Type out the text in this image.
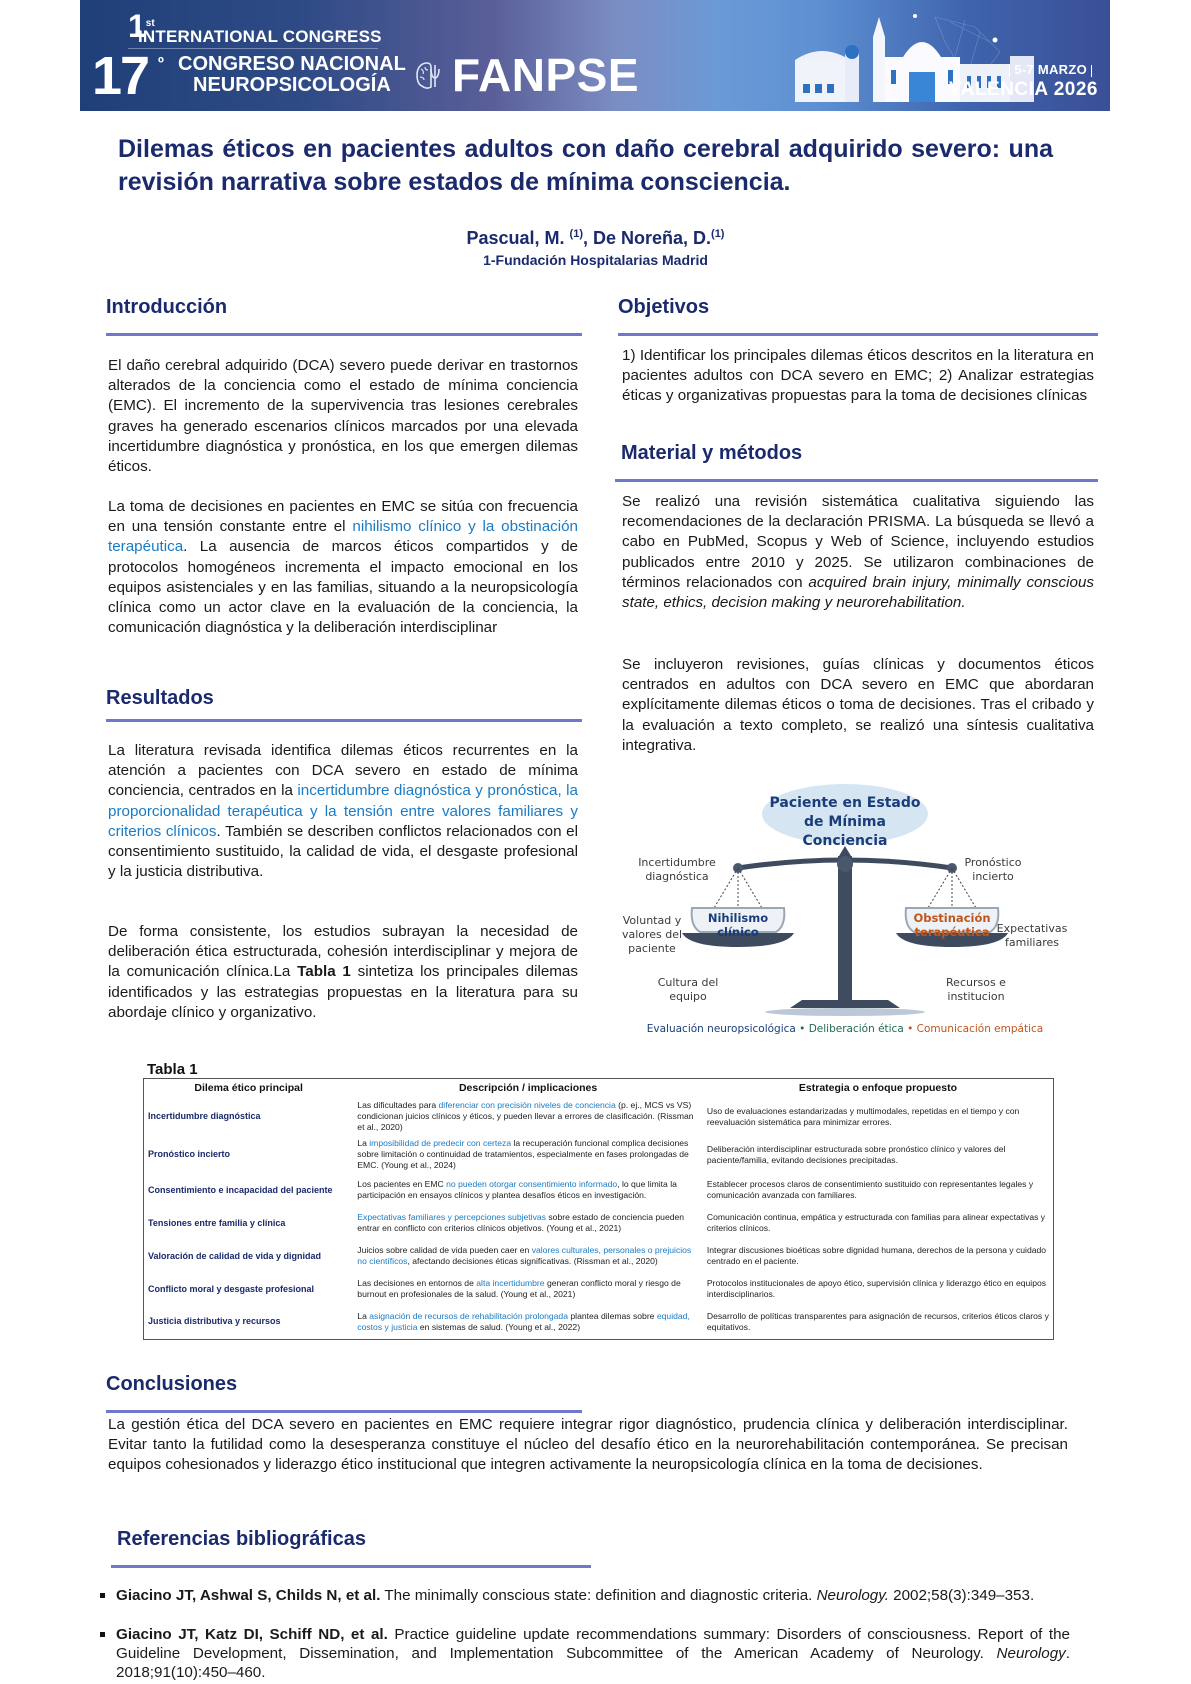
1st
INTERNATIONAL CONGRESS
17 º CONGRESO NACIONAL
NEUROPSICOLOGÍA	FANPSE	5-7 MARZO
VALENCIA 2026
Dilemas éticos en pacientes adultos con daño cerebral adquirido severo: una revisión narrativa sobre estados de mínima consciencia.
Pascual, M. $^{(1)}$, De Noreña, D.$^{(1)}$
1-Fundación Hospitalarias Madrid
Introducción
El daño cerebral adquirido (DCA) severo puede derivar en trastornos alterados de la conciencia como el estado de mínima conciencia (EMC). El incremento de la supervivencia tras lesiones cerebrales graves ha generado escenarios clínicos marcados por una elevada incertidumbre diagnóstica y pronóstica, en los que emergen dilemas éticos.
La toma de decisiones en pacientes en EMC se sitúa con frecuencia en una tensión constante entre el nihilismo clínico y la obstinación terapéutica. La ausencia de marcos éticos compartidos y de protocolos homogéneos incrementa el impacto emocional en los equipos asistenciales y en las familias, situando a la neuropsicología clínica como un actor clave en la evaluación de la conciencia, la comunicación diagnóstica y la deliberación interdisciplinar
Objetivos
1) Identificar los principales dilemas éticos descritos en la literatura en pacientes adultos con DCA severo en EMC; 2) Analizar estrategias éticas y organizativas propuestas para la toma de decisiones clínicas
Material y métodos
Se realizó una revisión sistemática cualitativa siguiendo las recomendaciones de la declaración PRISMA. La búsqueda se llevó a cabo en PubMed, Scopus y Web of Science, incluyendo estudios publicados entre 2010 y 2025. Se utilizaron combinaciones de términos relacionados con acquired brain injury, minimally conscious state, ethics, decision making y neurorehabilitation.
Se incluyeron revisiones, guías clínicas y documentos éticos centrados en adultos con DCA severo en EMC que abordaran explícitamente dilemas éticos o toma de decisiones. Tras el cribado y la evaluación a texto completo, se realizó una síntesis cualitativa integrativa.
Resultados
La literatura revisada identifica dilemas éticos recurrentes en la atención a pacientes con DCA severo en estado de mínima conciencia, centrados en la incertidumbre diagnóstica y pronóstica, la proporcionalidad terapéutica y la tensión entre valores familiares y criterios clínicos. También se describen conflictos relacionados con el consentimiento sustituido, la calidad de vida, el desgaste profesional y la justicia distributiva.
De forma consistente, los estudios subrayan la necesidad de deliberación ética estructurada, cohesión interdisciplinar y mejora de la comunicación clínica.La Tabla 1 sintetiza los principales dilemas identificados y las estrategias propuestas en la literatura para su abordaje clínico y organizativo.
Paciente en Estado
de Mínima Conciencia
Nihilismo
clínico
Obstinación
terapéutica
Incertidumbre
diagnóstica
Pronóstico
incierto
Voluntad y
valores del
paciente
Expectativas
familiares
Cultura del
equipo
Recursos e
institucion
Evaluación neuropsicológica • Deliberación ética • Comunicación empática
Tabla 1
Dilema ético principal	Descripción / implicaciones	Estrategia o enfoque propuesto
Incertidumbre diagnóstica	Las dificultades para diferenciar con precisión niveles de conciencia (p. ej., MCS vs VS) condicionan juicios clínicos y éticos, y pueden llevar a errores de clasificación. (Rissman et al., 2020)	Uso de evaluaciones estandarizadas y multimodales, repetidas en el tiempo y con reevaluación sistemática para minimizar errores.
Pronóstico incierto	La imposibilidad de predecir con certeza la recuperación funcional complica decisiones sobre limitación o continuidad de tratamientos, especialmente en fases prolongadas de EMC. (Young et al., 2024)	Deliberación interdisciplinar estructurada sobre pronóstico clínico y valores del paciente/familia, evitando decisiones precipitadas.
Consentimiento e incapacidad del paciente	Los pacientes en EMC no pueden otorgar consentimiento informado, lo que limita la participación en ensayos clínicos y plantea desafíos éticos en investigación.	Establecer procesos claros de consentimiento sustituido con representantes legales y comunicación avanzada con familiares.
Tensiones entre familia y clínica	Expectativas familiares y percepciones subjetivas sobre estado de conciencia pueden entrar en conflicto con criterios clínicos objetivos. (Young et al., 2021)	Comunicación continua, empática y estructurada con familias para alinear expectativas y criterios clínicos.
Valoración de calidad de vida y dignidad	Juicios sobre calidad de vida pueden caer en valores culturales, personales o prejuicios no científicos, afectando decisiones éticas significativas. (Rissman et al., 2020)	Integrar discusiones bioéticas sobre dignidad humana, derechos de la persona y cuidado centrado en el paciente.
Conflicto moral y desgaste profesional	Las decisiones en entornos de alta incertidumbre generan conflicto moral y riesgo de burnout en profesionales de la salud. (Young et al., 2021)	Protocolos institucionales de apoyo ético, supervisión clínica y liderazgo ético en equipos interdisciplinarios.
Justicia distributiva y recursos	La asignación de recursos de rehabilitación prolongada plantea dilemas sobre equidad, costos y justicia en sistemas de salud. (Young et al., 2022)	Desarrollo de políticas transparentes para asignación de recursos, criterios éticos claros y equitativos.
Conclusiones
La gestión ética del DCA severo en pacientes en EMC requiere integrar rigor diagnóstico, prudencia clínica y deliberación interdisciplinar. Evitar tanto la futilidad como la desesperanza constituye el núcleo del desafío ético en la neurorehabilitación contemporánea. Se precisan equipos cohesionados y liderazgo ético institucional que integren activamente la neuropsicología clínica en la toma de decisiones.
Referencias bibliográficas
Giacino JT, Ashwal S, Childs N, et al. The minimally conscious state: definition and diagnostic criteria. Neurology. 2002;58(3):349–353.
Giacino JT, Katz DI, Schiff ND, et al. Practice guideline update recommendations summary: Disorders of consciousness. Report of the Guideline Development, Dissemination, and Implementation Subcommittee of the American Academy of Neurology. Neurology. 2018;91(10):450–460.
